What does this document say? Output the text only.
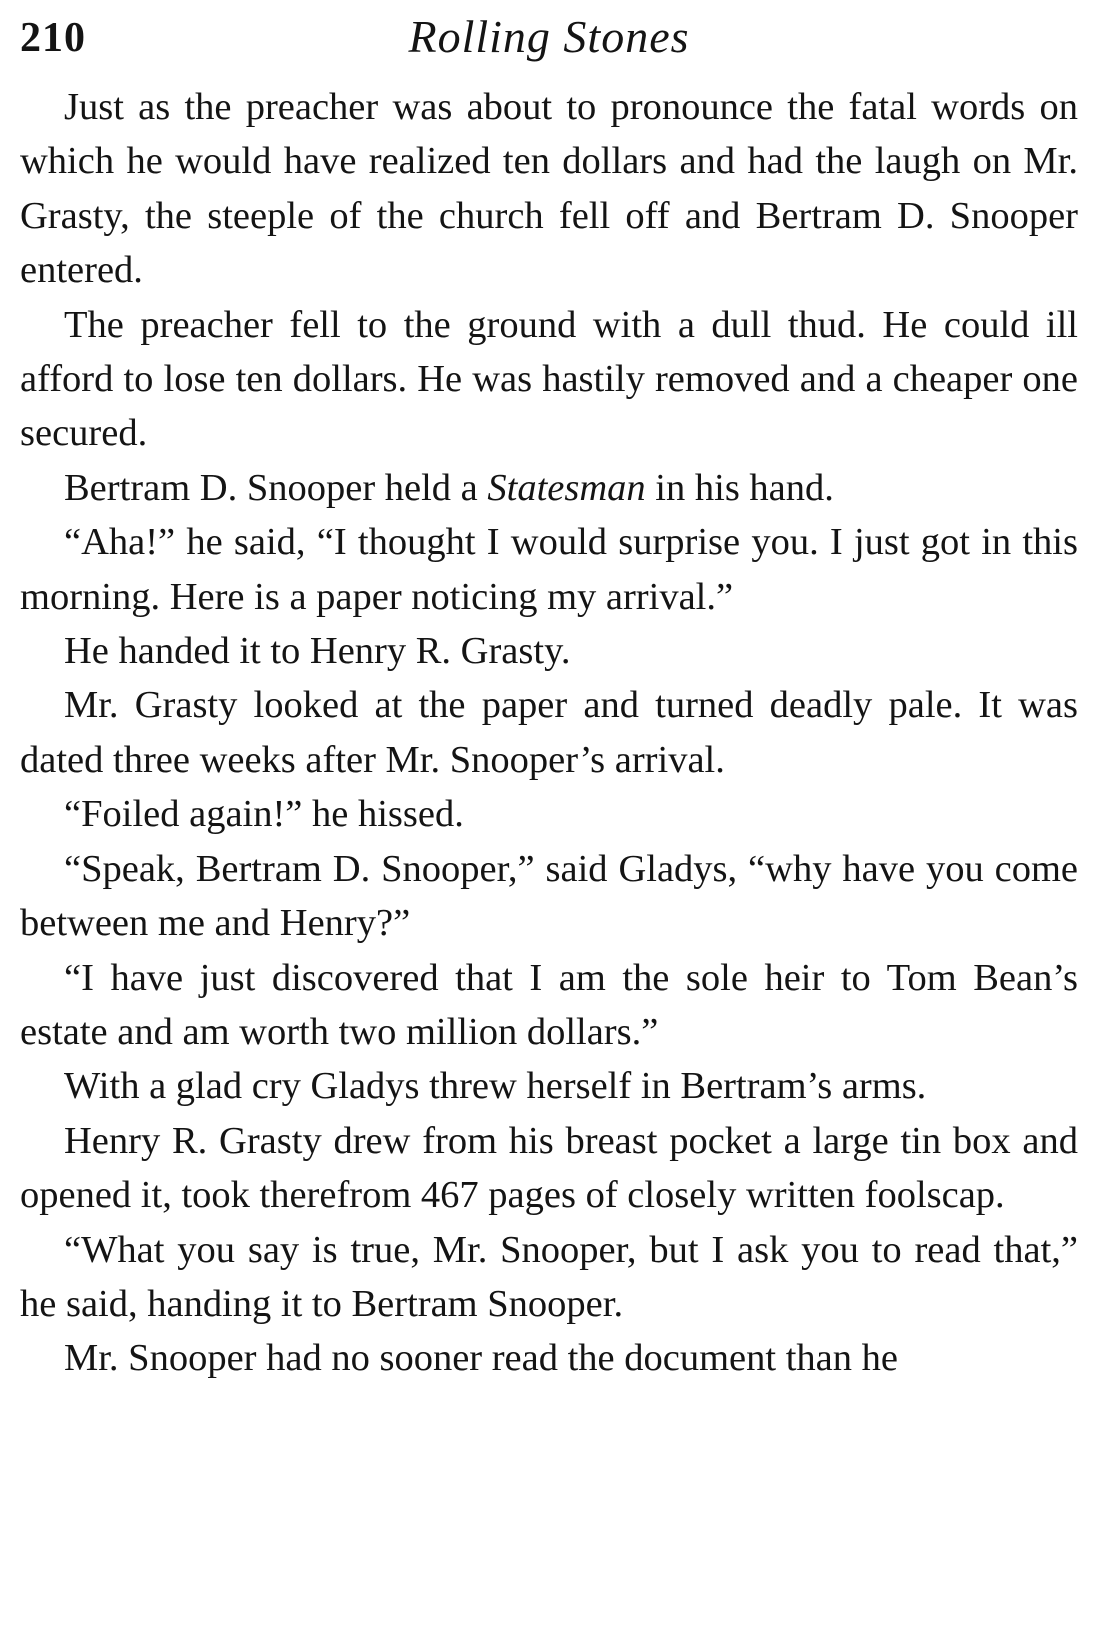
210	Rolling Stones

Just as the preacher was about to pronounce the fatal words on which he would have realized ten dollars and had the laugh on Mr. Grasty, the steeple of the church fell off and Bertram D. Snooper entered.

The preacher fell to the ground with a dull thud. He could ill afford to lose ten dollars. He was hastily removed and a cheaper one secured.

Bertram D. Snooper held a Statesman in his hand.

“Aha!” he said, “I thought I would surprise you. I just got in this morning. Here is a paper noticing my arrival.”

He handed it to Henry R. Grasty.

Mr. Grasty looked at the paper and turned deadly pale. It was dated three weeks after Mr. Snooper’s arrival.

“Foiled again!” he hissed.

“Speak, Bertram D. Snooper,” said Gladys, “why have you come between me and Henry?”

“I have just discovered that I am the sole heir to Tom Bean’s estate and am worth two million dollars.”

With a glad cry Gladys threw herself in Bertram’s arms.

Henry R. Grasty drew from his breast pocket a large tin box and opened it, took therefrom 467 pages of closely written foolscap.

“What you say is true, Mr. Snooper, but I ask you to read that,” he said, handing it to Bertram Snooper.

Mr. Snooper had no sooner read the document than he
